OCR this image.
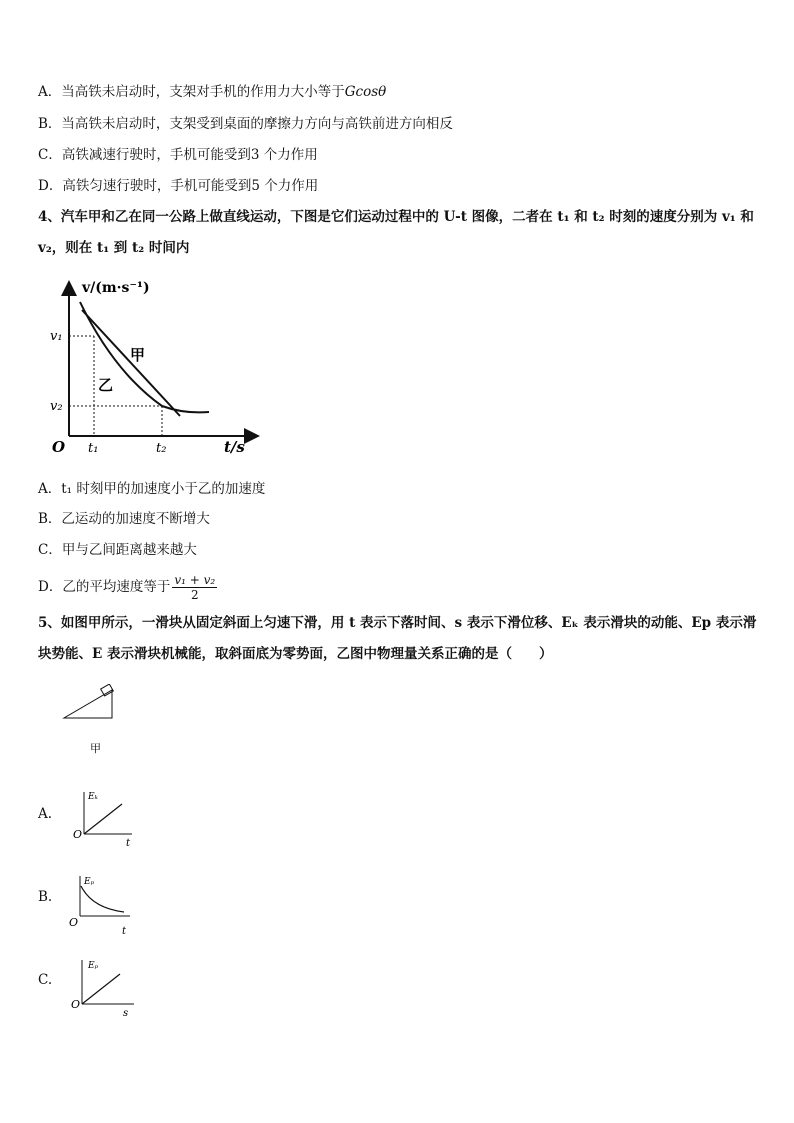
A．当高铁未启动时，支架对手机的作用力大小等于Gcosθ
B．当高铁未启动时，支架受到桌面的摩擦力方向与高铁前进方向相反
C．高铁减速行驶时，手机可能受到3 个力作用
D．高铁匀速行驶时，手机可能受到5 个力作用
4、汽车甲和乙在同一公路上做直线运动，下图是它们运动过程中的 U-t 图像，二者在 t₁ 和 t₂ 时刻的速度分别为 v₁ 和
v₂，则在 t₁ 到 t₂ 时间内
v/(m·s⁻¹)
t/s
O
v₁
v₂
t₁	t₂
甲
乙
A．t₁ 时刻甲的加速度小于乙的加速度
B．乙运动的加速度不断增大
C．甲与乙间距离越来越大
D．乙的平均速度等于 $\frac{\text{v₁ + v₂}}{2}$
5、如图甲所示，一滑块从固定斜面上匀速下滑，用 t 表示下落时间、s 表示下滑位移、Eₖ 表示滑块的动能、Ep 表示滑
块势能、E 表示滑块机械能，取斜面底为零势面，乙图中物理量关系正确的是（　　）
甲
A.
Eₖ
O
t
B.
Eₚ
O
t
C.
Eₚ
O
s
